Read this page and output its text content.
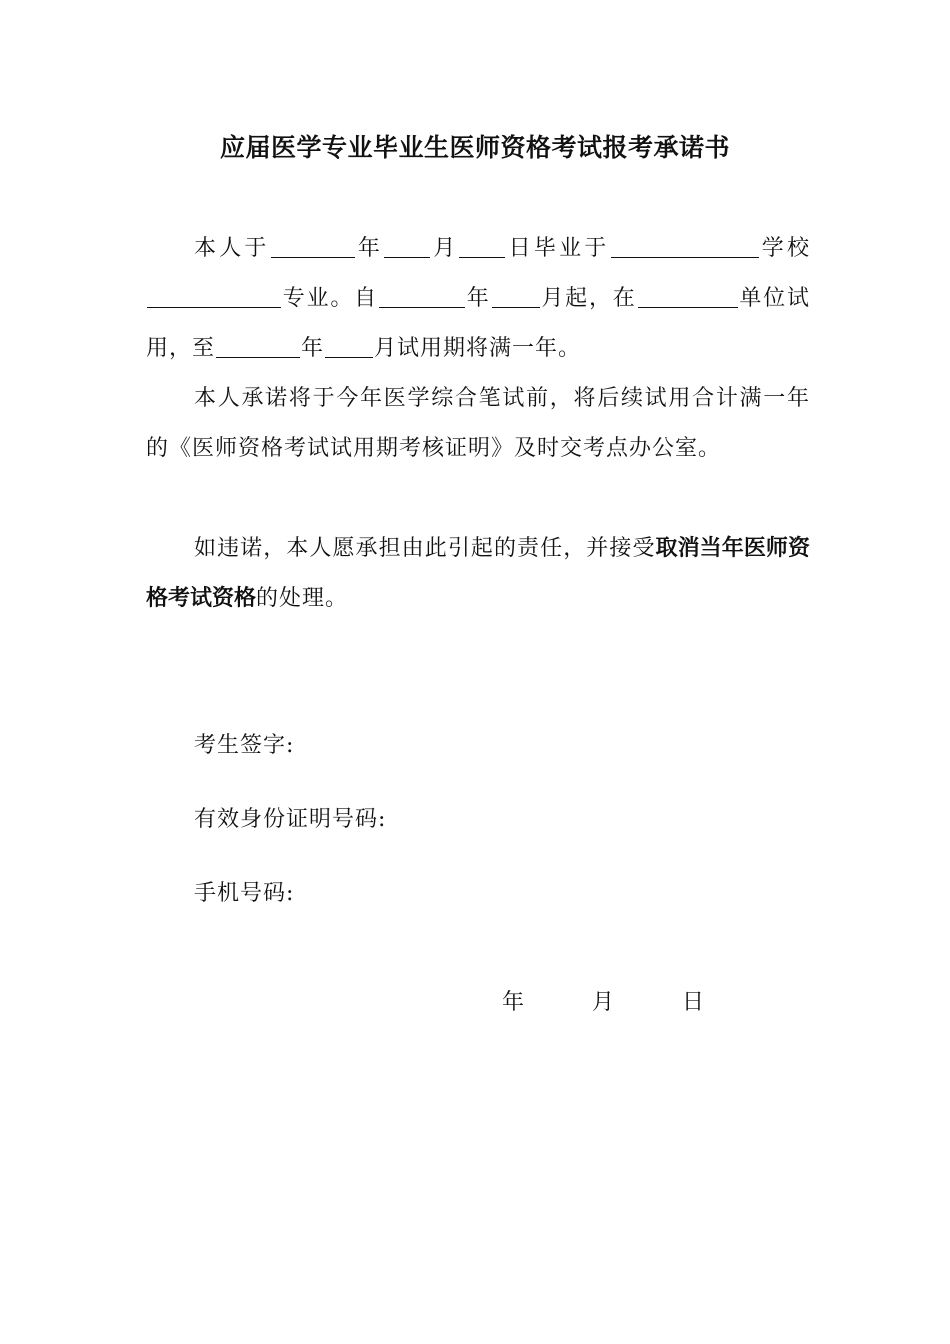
应届医学专业毕业生医师资格考试报考承诺书
本人于	年 月 日毕业于	学校专业。自	年 月起，在	单位试用，至	年 月试用期将满一年。
本人承诺将于今年医学综合笔试前，将后续试用合计满一年的《医师资格考试试用期考核证明》及时交考点办公室。
如违诺，本人愿承担由此引起的责任，并接受取消当年医师资格考试资格的处理。
考生签字:
有效身份证明号码:
手机号码:
年	月	日
